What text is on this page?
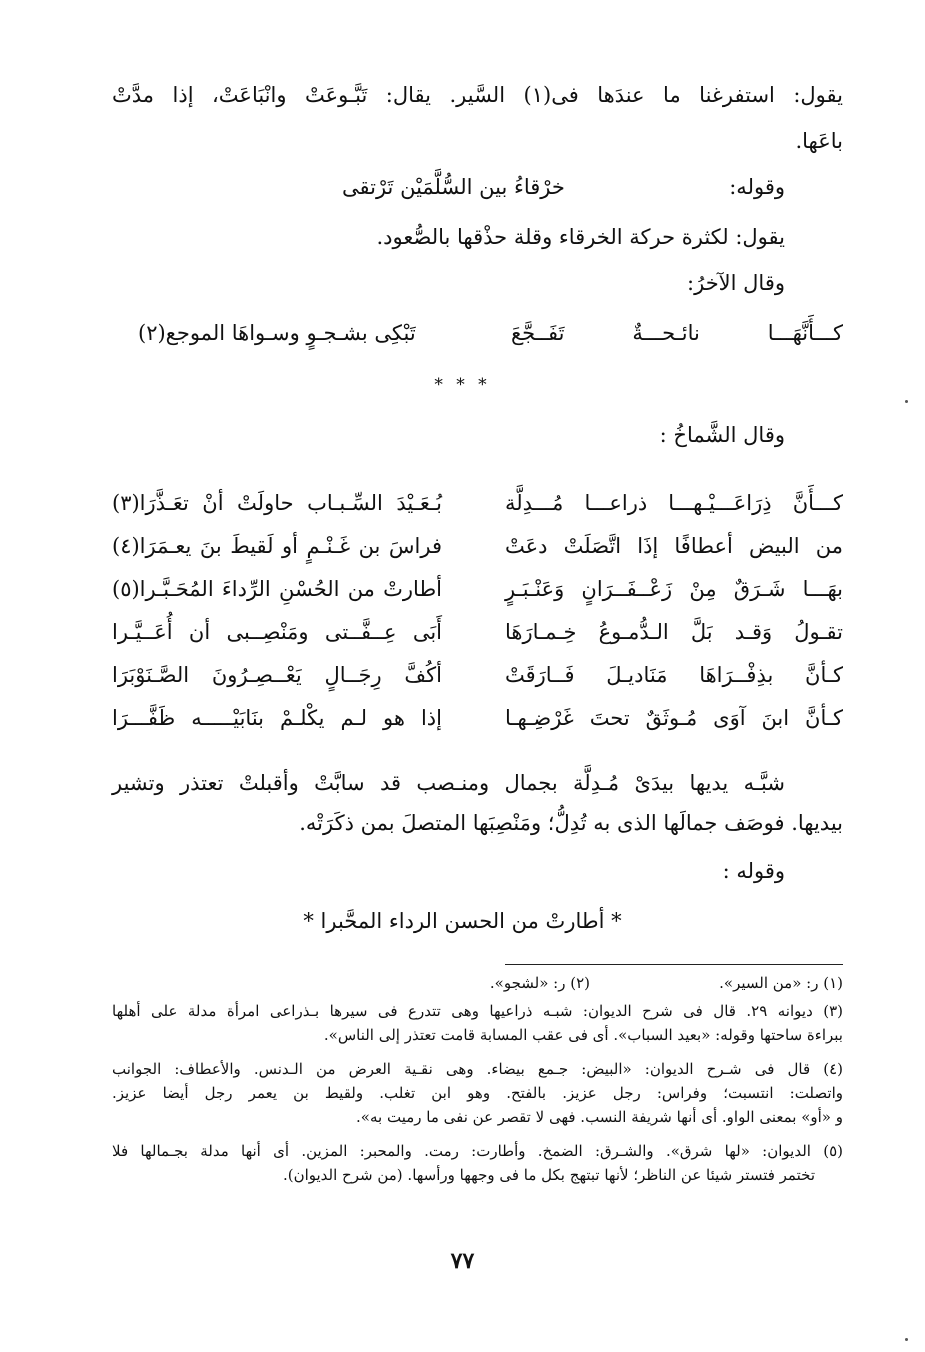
يقول: استفرغنا ما عندَها فى(١) السَّير. يقال: تَبَّـوعَتْ وانْبَاعَتْ، إذا مدَّتْ
باعَها.
وقوله:
خرْقاءُ بين السُّلَّمَيْن تَرْتقى
يقول: لكثرة حركة الخرقاء وقلة حذْقها بالصُّعود.
وقال الآخرُ:
كـــأَنَّهَـــا نائـحـــةٌ تَفَــجَّعَ
تَبْكِى بشـجـوٍ وسـواهَا الموجع(٢)
* * *
وقال الشَّماخُ :
كـــأَنَّ ذِرَاعَـــيْـهـــا ذراعـــا مُـــدِلَّة
بُـعَـيْدَ السِّـبـاب حاولَتْ أنْ تعَـذَّرَا(٣)
من البيض أعطافًا إذَا اتَّصَلَتْ دعَتْ
فراسَ بن غَـنْـمٍ أو لَقيطَ بنَ يعـمَرَا(٤)
بهَـــا شَـرَقٌ مِنْ زَعْــفَــرَانٍ وَعَنْـبَـرٍ
أطارتْ من الحُسْنِ الرِّداءَ المُحَـبَّـرا(٥)
تقـولُ وَقـد بَلَّ الـدُّمـوعُ خِـمـارَهَا
أَبَى عِــفَّــتى ومَنْصِــبى أن أُعَــيَّـرا
كـأنَّ بذِفْــرَاهَا مَنَاديـلَ فَــارَقَتْ
أكُفَّ رِجَــالٍ يَعْــصِـرُونَ الصَّـنَوْبَرَا
كـأنَّ ابنَ آوَى مُـوثَقٌ تحتَ غَرْضِـهـا
إذا هو لـم يكْلـمْ بنَابَيْـــــه ظَفَّـــرَا
شبَّـه يديها بيدَىْ مُـدِلَّة بجمال ومنـصب قد سابَّتْ وأقبلتْ تعتذر وتشير
بيديها. فوصَف جمالَها الذى به تُدِلُّ؛ ومَنْصِبَها المتصلَ بمن ذكَرَتْه.
وقوله :
* أطارتْ من الحسن الرداء المحَّبرا *
(١) ر: «من السير».
(٢) ر: «لشجو».
(٣) ديوانه ٢٩. قال فى شرح الديوان: شبـه ذراعيها وهى تتدرع فى سيرها بـذراعى امرأة مدلة على أهلها
ببراءة ساحتها وقوله: «بعيد السباب». أى فى عقب المسابة قامت تعتذر إلى الناس».
(٤) قال فى شـرح الديوان: «البيض: جـمع بيضاء. وهى نقـية العرض من الـدنس. والأعطاف: الجوانب
واتصلت: انتسبت؛ وفراس: رجل عزيز. بالفتح. وهو ابن تغلب. ولقيط بن يعمر رجل أيضا عزيز.
و «أو» بمعنى الواو. أى أنها شريفة النسب. فهى لا تقصر عن نفى ما رميت به».
(٥) الديوان: «لها شرق». والشـرق: الضمخ. وأطارت: رمت. والمحبر: المزين. أى أنها مدلة بجـمالها فلا
تختمر فتستر شيئا عن الناظر؛ لأنها تبتهج بكل ما فى وجهها ورأسها. (من شرح الديوان).
٧٧
